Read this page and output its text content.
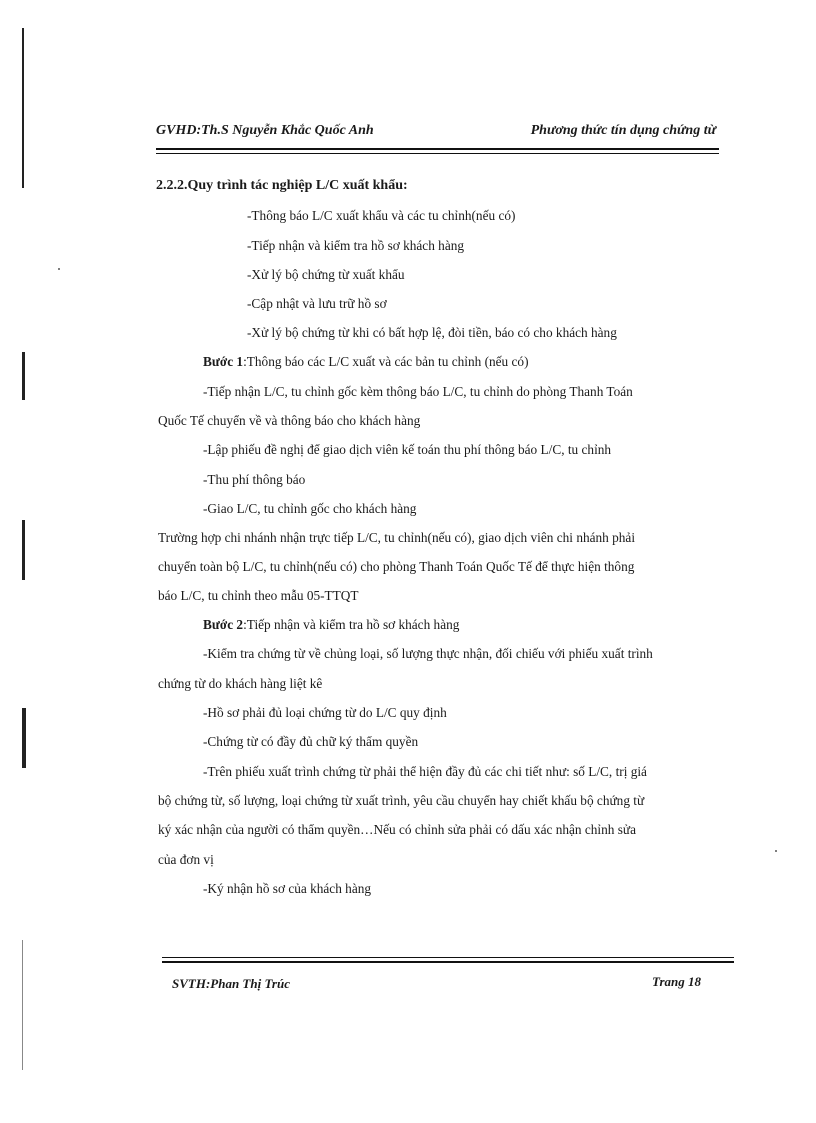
GVHD:Th.S Nguyễn Khắc Quốc Anh	Phương thức tín dụng chứng từ
2.2.2.Quy trình tác nghiệp L/C xuất khẩu:
-Thông báo L/C xuất khẩu và các tu chỉnh(nếu có)
-Tiếp nhận và kiểm tra hồ sơ khách hàng
-Xử lý bộ chứng từ xuất khẩu
-Cập nhật và lưu trữ hồ sơ
-Xử lý bộ chứng từ khi có bất hợp lệ, đòi tiền, báo có cho khách hàng
Bước 1:Thông báo các L/C xuất và các bản tu chỉnh (nếu có)
-Tiếp nhận L/C, tu chỉnh gốc kèm thông báo L/C, tu chỉnh do phòng Thanh Toán
Quốc Tế chuyển về và thông báo cho khách hàng
-Lập phiếu đề nghị để giao dịch viên kế toán thu phí thông báo L/C, tu chỉnh
-Thu phí thông báo
-Giao L/C, tu chỉnh gốc cho khách hàng
Trường hợp chi nhánh nhận trực tiếp L/C, tu chỉnh(nếu có), giao dịch viên chi nhánh phải
chuyển toàn bộ L/C, tu chỉnh(nếu có) cho phòng Thanh Toán Quốc Tế để thực hiện thông
báo L/C, tu chỉnh theo mẫu 05-TTQT
Bước 2:Tiếp nhận và kiểm tra hồ sơ khách hàng
-Kiểm tra chứng từ về chủng loại, số lượng thực nhận, đối chiếu với phiếu xuất trình
chứng từ do khách hàng liệt kê
-Hồ sơ phải đủ loại chứng từ do L/C quy định
-Chứng từ có đầy đủ chữ ký thẩm quyền
-Trên phiếu xuất trình chứng từ phải thể hiện đầy đủ các chi tiết như: số L/C, trị giá
bộ chứng từ, số lượng, loại chứng từ xuất trình, yêu cầu chuyển hay chiết khấu bộ chứng từ
ký xác nhận của người có thẩm quyền…Nếu có chỉnh sửa phải có dấu xác nhận chỉnh sửa
của đơn vị
-Ký nhận hồ sơ của khách hàng
SVTH:Phan Thị Trúc	Trang 18
